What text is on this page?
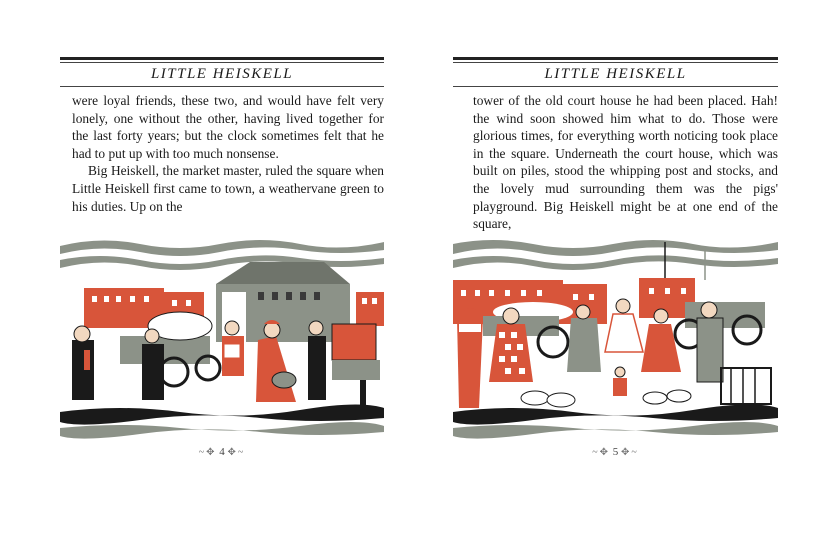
LITTLE HEISKELL

were loyal friends, these two, and would have felt very lonely, one without the other, having lived together for the last forty years; but the clock sometimes felt that he had to put up with too much nonsense.

Big Heiskell, the market master, ruled the square when Little Heiskell first came to town, a weathervane green to his duties. Up on the

~✥ 4 ✥~
LITTLE HEISKELL

tower of the old court house he had been placed. Hah! the wind soon showed him what to do. Those were glorious times, for everything worth noticing took place in the square. Underneath the court house, which was built on piles, stood the whipping post and stocks, and the lovely mud surrounding them was the pigs' playground. Big Heiskell might be at one end of the square,

~✥ 5 ✥~
